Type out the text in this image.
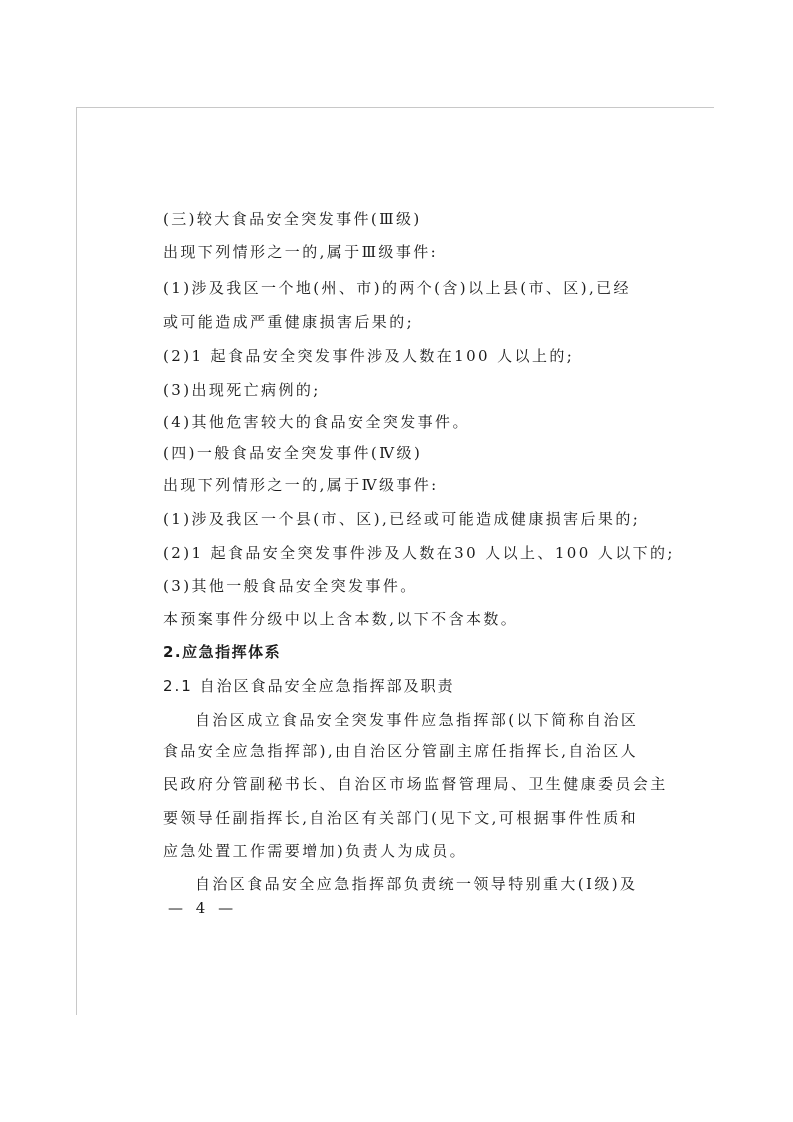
(三)较大食品安全突发事件(Ⅲ级)
出现下列情形之一的,属于Ⅲ级事件:
(1)涉及我区一个地(州、市)的两个(含)以上县(市、区),已经
或可能造成严重健康损害后果的;
(2)1 起食品安全突发事件涉及人数在100 人以上的;
(3)出现死亡病例的;
(4)其他危害较大的食品安全突发事件。
(四)一般食品安全突发事件(Ⅳ级)
出现下列情形之一的,属于Ⅳ级事件:
(1)涉及我区一个县(市、区),已经或可能造成健康损害后果的;
(2)1 起食品安全突发事件涉及人数在30 人以上、100 人以下的;
(3)其他一般食品安全突发事件。
本预案事件分级中以上含本数,以下不含本数。
2.应急指挥体系
2.1 自治区食品安全应急指挥部及职责
自治区成立食品安全突发事件应急指挥部(以下简称自治区
食品安全应急指挥部),由自治区分管副主席任指挥长,自治区人
民政府分管副秘书长、自治区市场监督管理局、卫生健康委员会主
要领导任副指挥长,自治区有关部门(见下文,可根据事件性质和
应急处置工作需要增加)负责人为成员。
自治区食品安全应急指挥部负责统一领导特别重大(Ⅰ级)及
— 4 —
